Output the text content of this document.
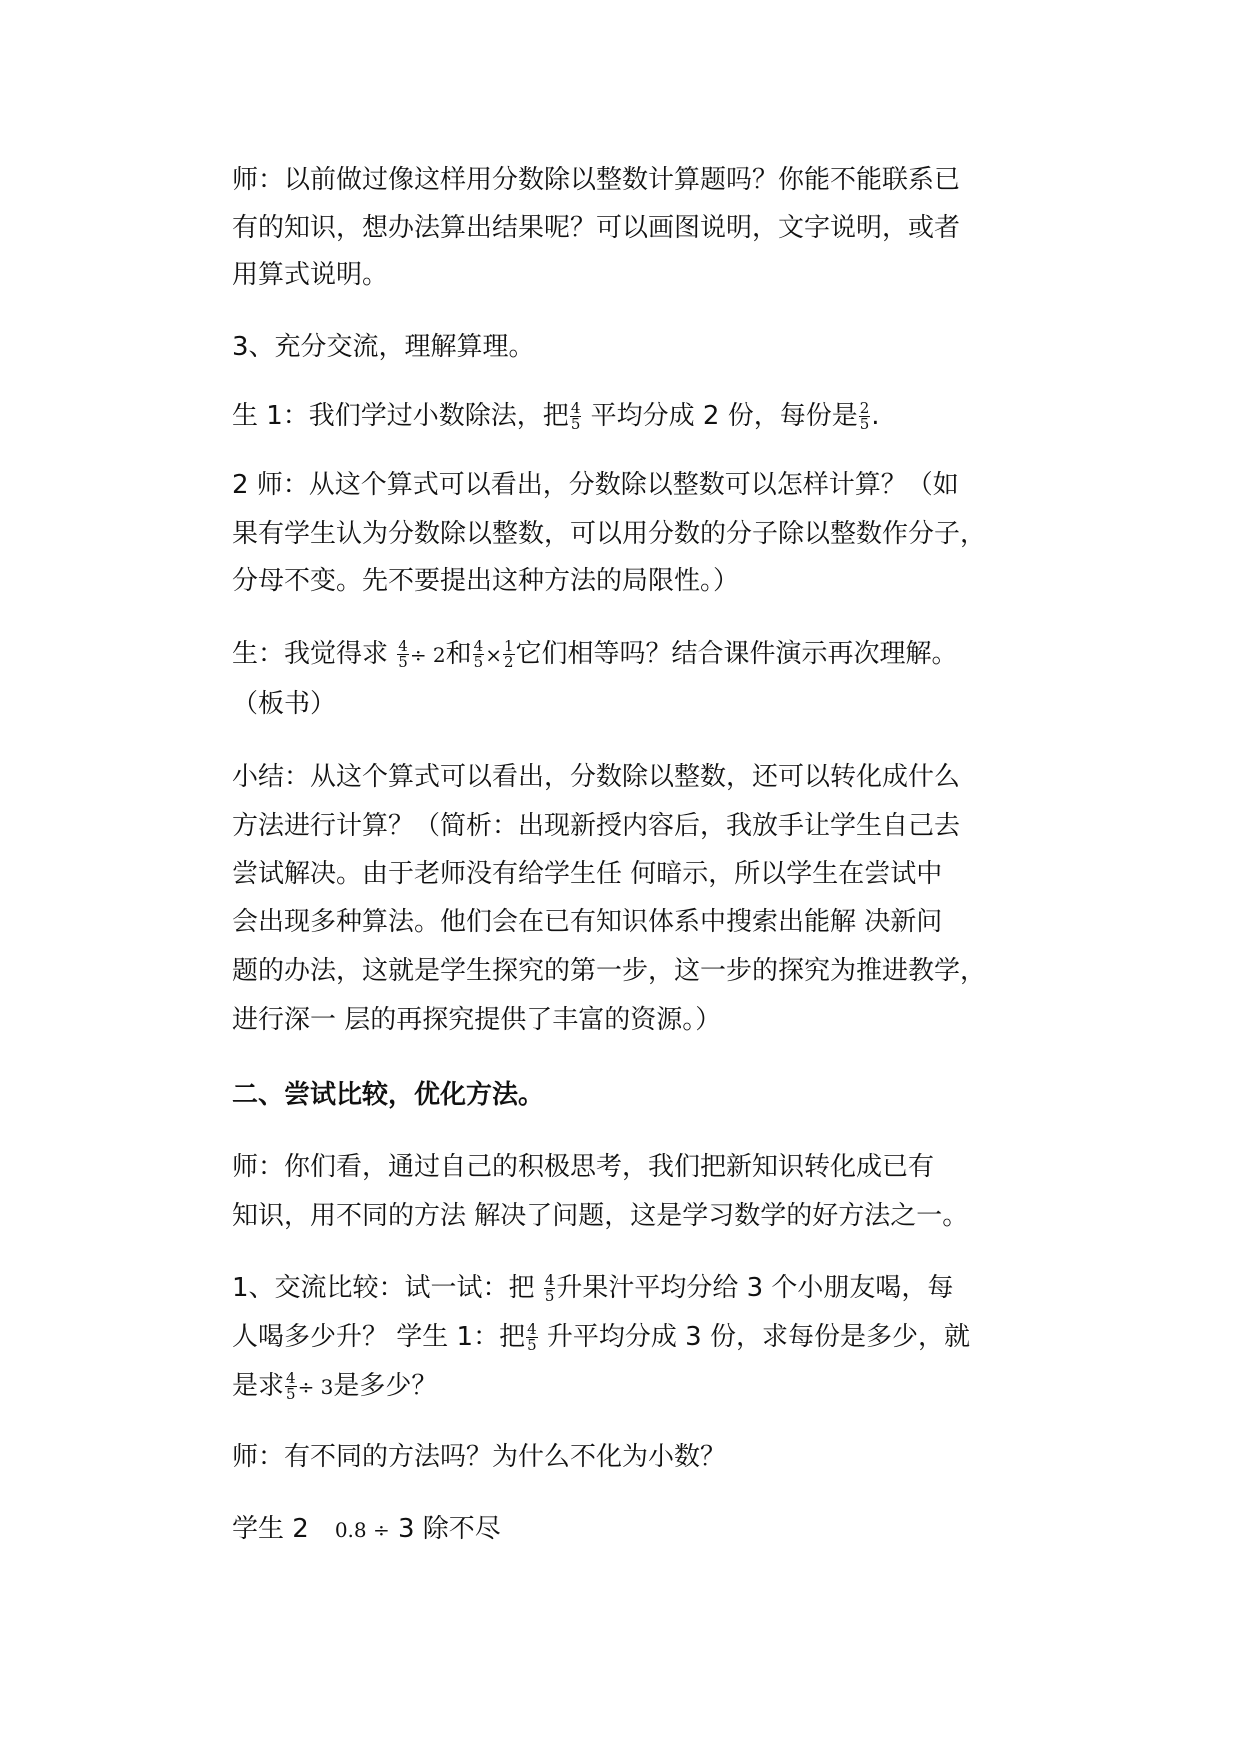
师：以前做过像这样用分数除以整数计算题吗？你能不能联系已
有的知识，想办法算出结果呢？可以画图说明，文字说明，或者
用算式说明。
3、充分交流，理解算理。
生 1：我们学过小数除法，把 $\frac{4}{5}$ 平均分成 2 份，每份是 $\frac{2}{5}$ .
2 师：从这个算式可以看出，分数除以整数可以怎样计算？（如
果有学生认为分数除以整数，可以用分数的分子除以整数作分子，
分母不变。先不要提出这种方法的局限性。）
生：我觉得求 $\frac{4}{5} \div 2$和 $\frac{4}{5} \times \frac{1}{2}$ 它们相等吗？结合课件演示再次理解。
（板书）
小结：从这个算式可以看出，分数除以整数，还可以转化成什么
方法进行计算？（简析：出现新授内容后，我放手让学生自己去
尝试解决。由于老师没有给学生任 何暗示，所以学生在尝试中
会出现多种算法。他们会在已有知识体系中搜索出能解 决新问
题的办法，这就是学生探究的第一步，这一步的探究为推进教学，
进行深一 层的再探究提供了丰富的资源。）
二、尝试比较，优化方法。
师：你们看，通过自己的积极思考，我们把新知识转化成已有
知识，用不同的方法 解决了问题，这是学习数学的好方法之一。
1、交流比较：试一试：把 $\frac{4}{5}$ 升果汁平均分给 3 个小朋友喝，每
人喝多少升？ 学生 1：把 $\frac{4}{5}$ 升平均分成 3 份，求每份是多少，就
是求 $\frac{4}{5} \div 3$是多少？
师：有不同的方法吗？为什么不化为小数？
学生 2 0.8 ÷ 3 除不尽
